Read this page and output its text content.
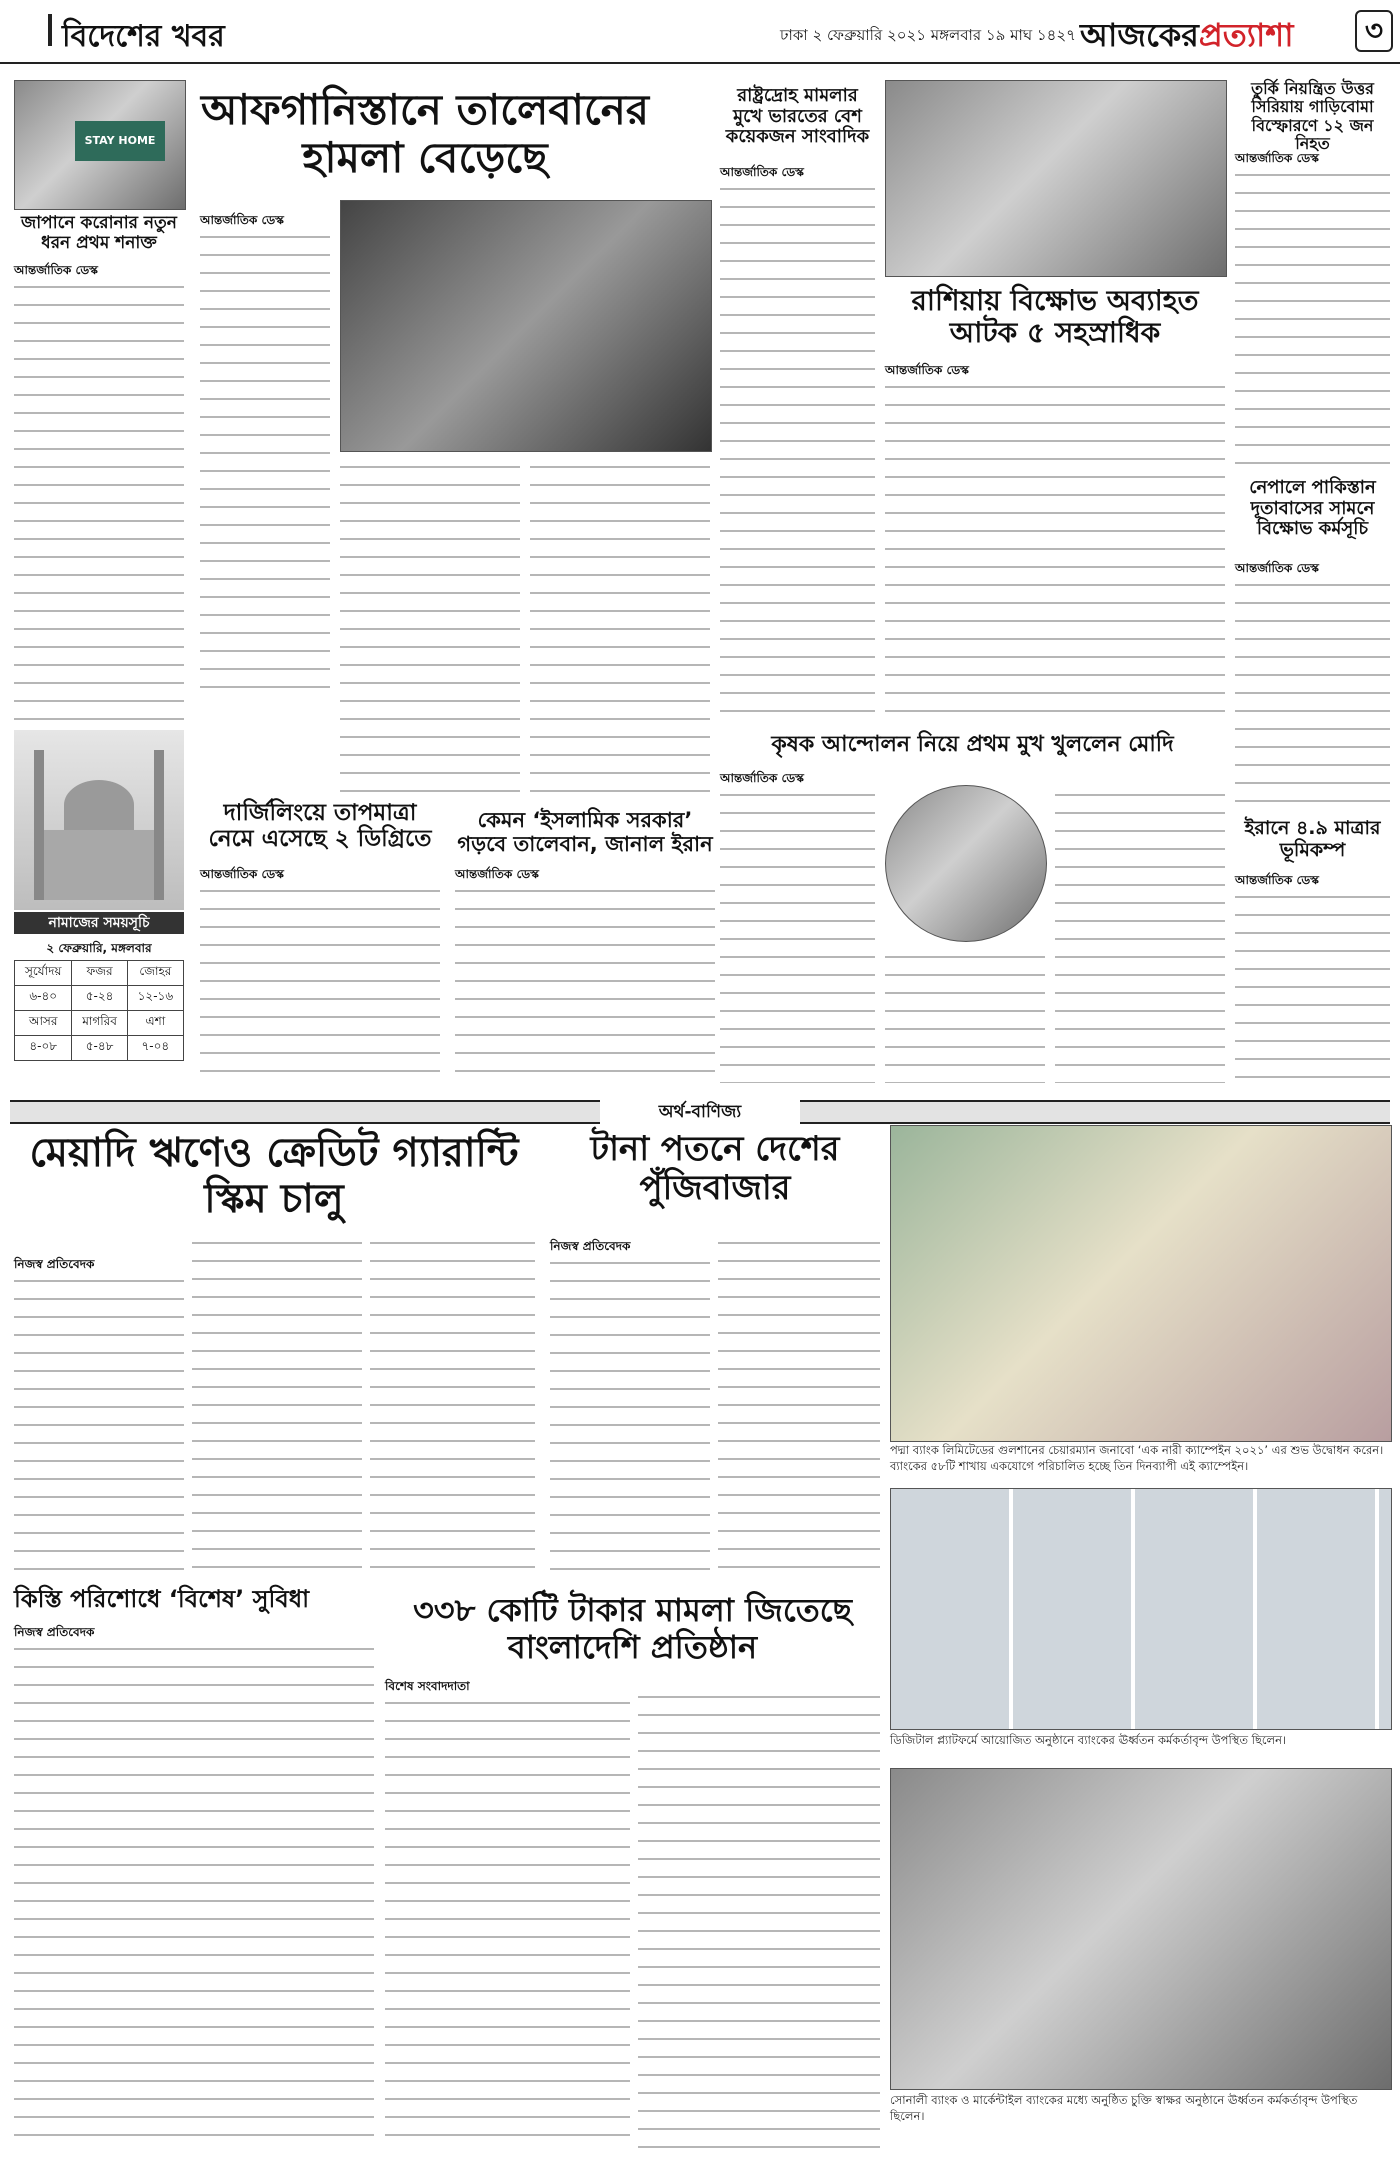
বিদেশের খবর	ঢাকা ২ ফেব্রুয়ারি ২০২১ মঙ্গলবার ১৯ মাঘ ১৪২৭ আজকেরপ্রত্যাশা	৩
STAY HOME
জাপানে করোনার নতুন ধরন প্রথম শনাক্ত
আন্তর্জাতিক ডেস্ক
নামাজের সময়সূচি
২ ফেব্রুয়ারি, মঙ্গলবার
সূর্যোদয়	ফজর	জোহর
৬-৪০	৫-২৪	১২-১৬
আসর	মাগরিব	এশা
৪-০৮	৫-৪৮	৭-০৪
আফগানিস্তানে তালেবানের হামলা বেড়েছে
আন্তর্জাতিক ডেস্ক
দার্জিলিংয়ে তাপমাত্রা নেমে এসেছে ২ ডিগ্রিতে
আন্তর্জাতিক ডেস্ক
কেমন ‘ইসলামিক সরকার’ গড়বে তালেবান, জানাল ইরান
আন্তর্জাতিক ডেস্ক
রাষ্ট্রদ্রোহ মামলার মুখে ভারতের বেশ কয়েকজন সাংবাদিক
আন্তর্জাতিক ডেস্ক
রাশিয়ায় বিক্ষোভ অব্যাহত আটক ৫ সহস্রাধিক
আন্তর্জাতিক ডেস্ক
তুর্কি নিয়ন্ত্রিত উত্তর সিরিয়ায় গাড়িবোমা বিস্ফোরণে ১২ জন নিহত
আন্তর্জাতিক ডেস্ক
নেপালে পাকিস্তান দূতাবাসের সামনে বিক্ষোভ কর্মসূচি
আন্তর্জাতিক ডেস্ক
ইরানে ৪.৯ মাত্রার ভূমিকম্প
আন্তর্জাতিক ডেস্ক
কৃষক আন্দোলন নিয়ে প্রথম মুখ খুললেন মোদি
আন্তর্জাতিক ডেস্ক
অর্থ-বাণিজ্য
মেয়াদি ঋণেও ক্রেডিট গ্যারান্টি স্কিম চালু
নিজস্ব প্রতিবেদক
টানা পতনে দেশের পুঁজিবাজার
নিজস্ব প্রতিবেদক
কিস্তি পরিশোধে ‘বিশেষ’ সুবিধা
নিজস্ব প্রতিবেদক
৩৩৮ কোটি টাকার মামলা জিতেছে বাংলাদেশি প্রতিষ্ঠান
বিশেষ সংবাদদাতা
পদ্মা ব্যাংক লিমিটেডের গুলশানের চেয়ারম্যান জনাবাে ‘এক নারী ক্যাম্পেইন ২০২১’ এর শুভ উদ্বোধন করেন। ব্যাংকের ৫৮টি শাখায় একযোগে পরিচালিত হচ্ছে তিন দিনব্যাপী এই ক্যাম্পেইন।
ডিজিটাল প্ল্যাটফর্মে আয়োজিত অনুষ্ঠানে ব্যাংকের ঊর্ধ্বতন কর্মকর্তাবৃন্দ উপস্থিত ছিলেন।
সোনালী ব্যাংক ও মার্কেন্টাইল ব্যাংকের মধ্যে অনুষ্ঠিত চুক্তি স্বাক্ষর অনুষ্ঠানে ঊর্ধ্বতন কর্মকর্তাবৃন্দ উপস্থিত ছিলেন।
